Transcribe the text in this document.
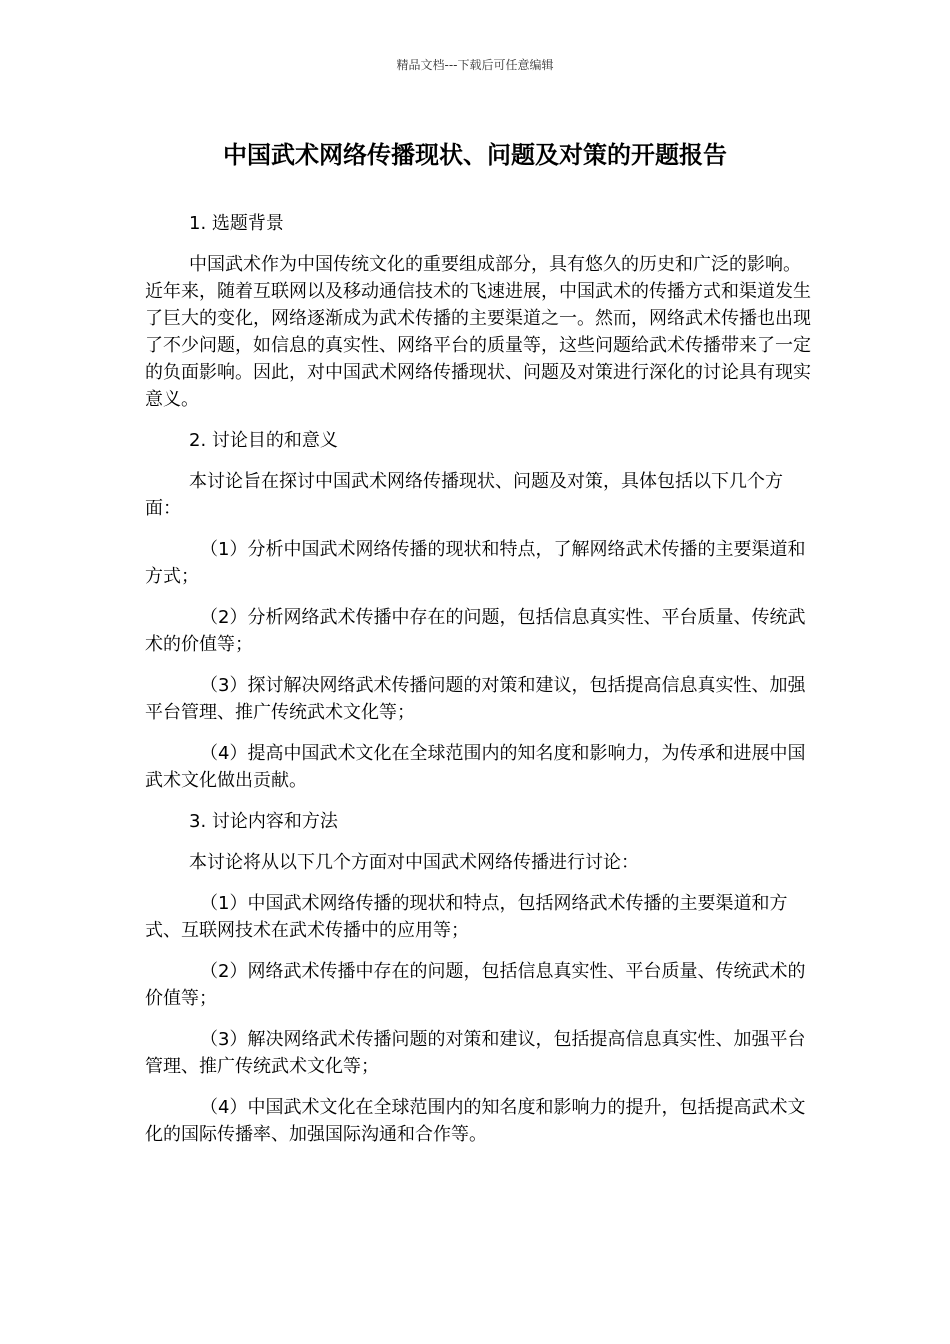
精品文档---下载后可任意编辑
中国武术网络传播现状、问题及对策的开题报告

1. 选题背景

中国武术作为中国传统文化的重要组成部分，具有悠久的历史和广泛的影响。近年来，随着互联网以及移动通信技术的飞速进展，中国武术的传播方式和渠道发生了巨大的变化，网络逐渐成为武术传播的主要渠道之一。然而，网络武术传播也出现了不少问题，如信息的真实性、网络平台的质量等，这些问题给武术传播带来了一定的负面影响。因此，对中国武术网络传播现状、问题及对策进行深化的讨论具有现实意义。

2. 讨论目的和意义

本讨论旨在探讨中国武术网络传播现状、问题及对策，具体包括以下几个方面：

（1）分析中国武术网络传播的现状和特点，了解网络武术传播的主要渠道和方式；

（2）分析网络武术传播中存在的问题，包括信息真实性、平台质量、传统武术的价值等；

（3）探讨解决网络武术传播问题的对策和建议，包括提高信息真实性、加强平台管理、推广传统武术文化等；

（4）提高中国武术文化在全球范围内的知名度和影响力，为传承和进展中国武术文化做出贡献。

3. 讨论内容和方法

本讨论将从以下几个方面对中国武术网络传播进行讨论：

（1）中国武术网络传播的现状和特点，包括网络武术传播的主要渠道和方式、互联网技术在武术传播中的应用等；

（2）网络武术传播中存在的问题，包括信息真实性、平台质量、传统武术的价值等；

（3）解决网络武术传播问题的对策和建议，包括提高信息真实性、加强平台管理、推广传统武术文化等；

（4）中国武术文化在全球范围内的知名度和影响力的提升，包括提高武术文化的国际传播率、加强国际沟通和合作等。
